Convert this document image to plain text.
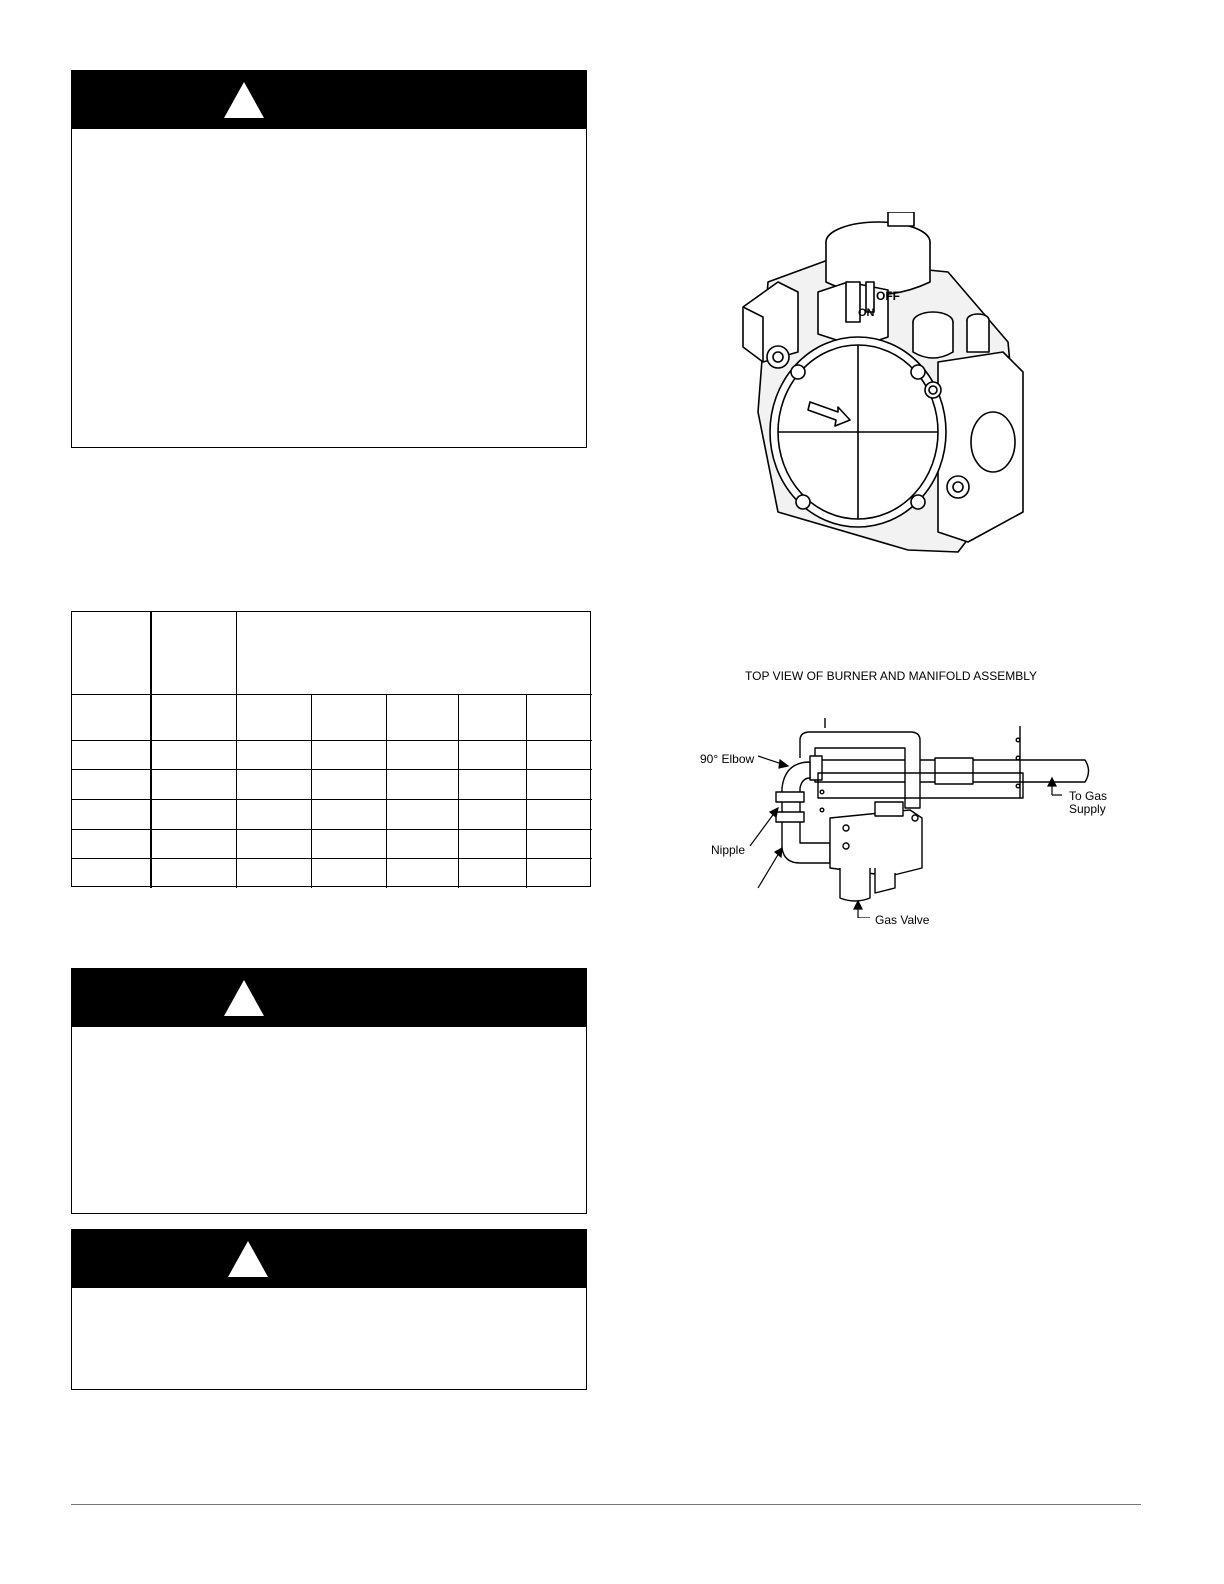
OFF
ON
TOP VIEW OF BURNER AND MANIFOLD ASSEMBLY
90° Elbow
Nipple
To Gas
Supply
Gas Valve
